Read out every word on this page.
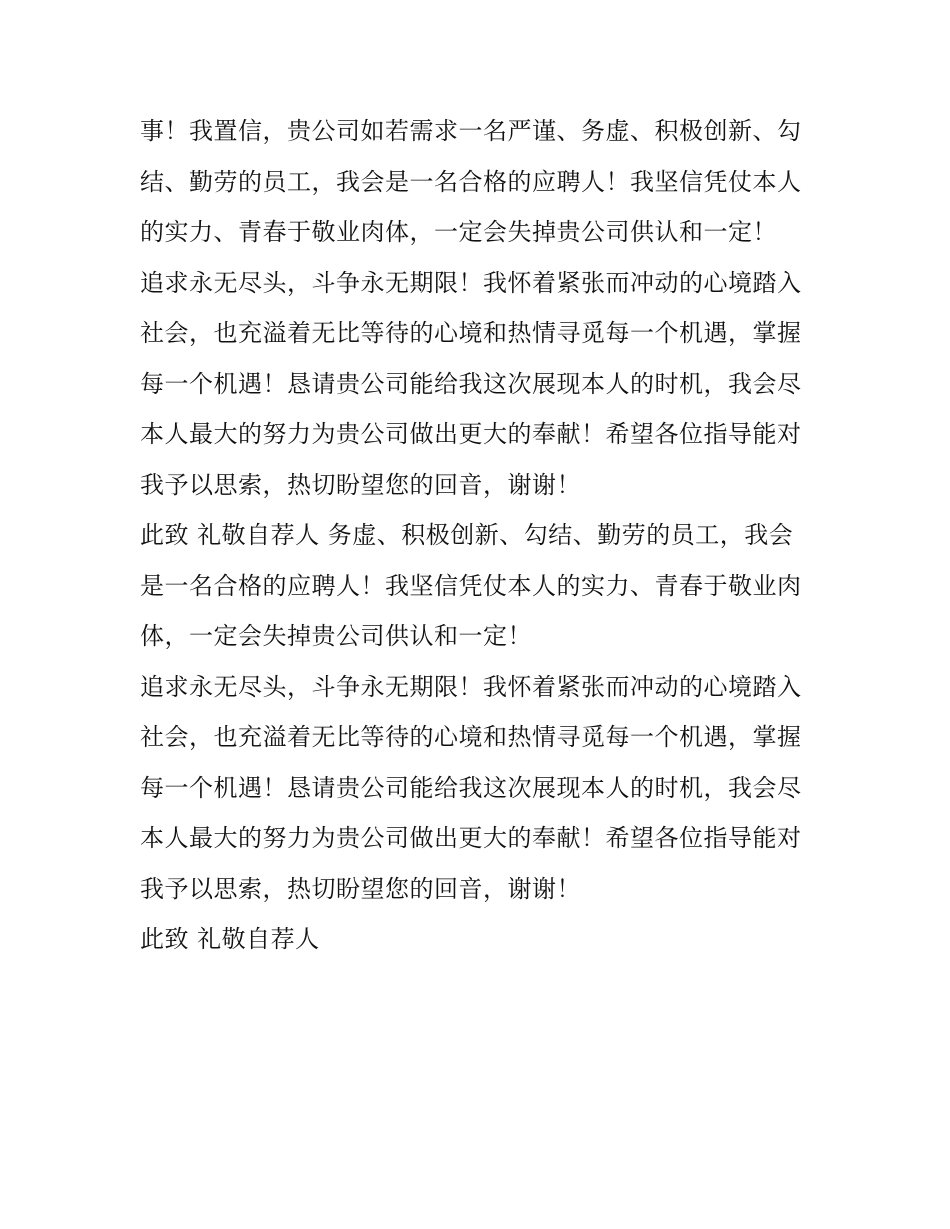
事！我置信，贵公司如若需求一名严谨、务虚、积极创新、勾
结、勤劳的员工，我会是一名合格的应聘人！我坚信凭仗本人
的实力、青春于敬业肉体，一定会失掉贵公司供认和一定！
追求永无尽头，斗争永无期限！我怀着紧张而冲动的心境踏入
社会，也充溢着无比等待的心境和热情寻觅每一个机遇，掌握
每一个机遇！恳请贵公司能给我这次展现本人的时机，我会尽
本人最大的努力为贵公司做出更大的奉献！希望各位指导能对
我予以思索，热切盼望您的回音，谢谢！
此致 礼敬自荐人 务虚、积极创新、勾结、勤劳的员工，我会
是一名合格的应聘人！我坚信凭仗本人的实力、青春于敬业肉
体，一定会失掉贵公司供认和一定！
追求永无尽头，斗争永无期限！我怀着紧张而冲动的心境踏入
社会，也充溢着无比等待的心境和热情寻觅每一个机遇，掌握
每一个机遇！恳请贵公司能给我这次展现本人的时机，我会尽
本人最大的努力为贵公司做出更大的奉献！希望各位指导能对
我予以思索，热切盼望您的回音，谢谢！
此致 礼敬自荐人
